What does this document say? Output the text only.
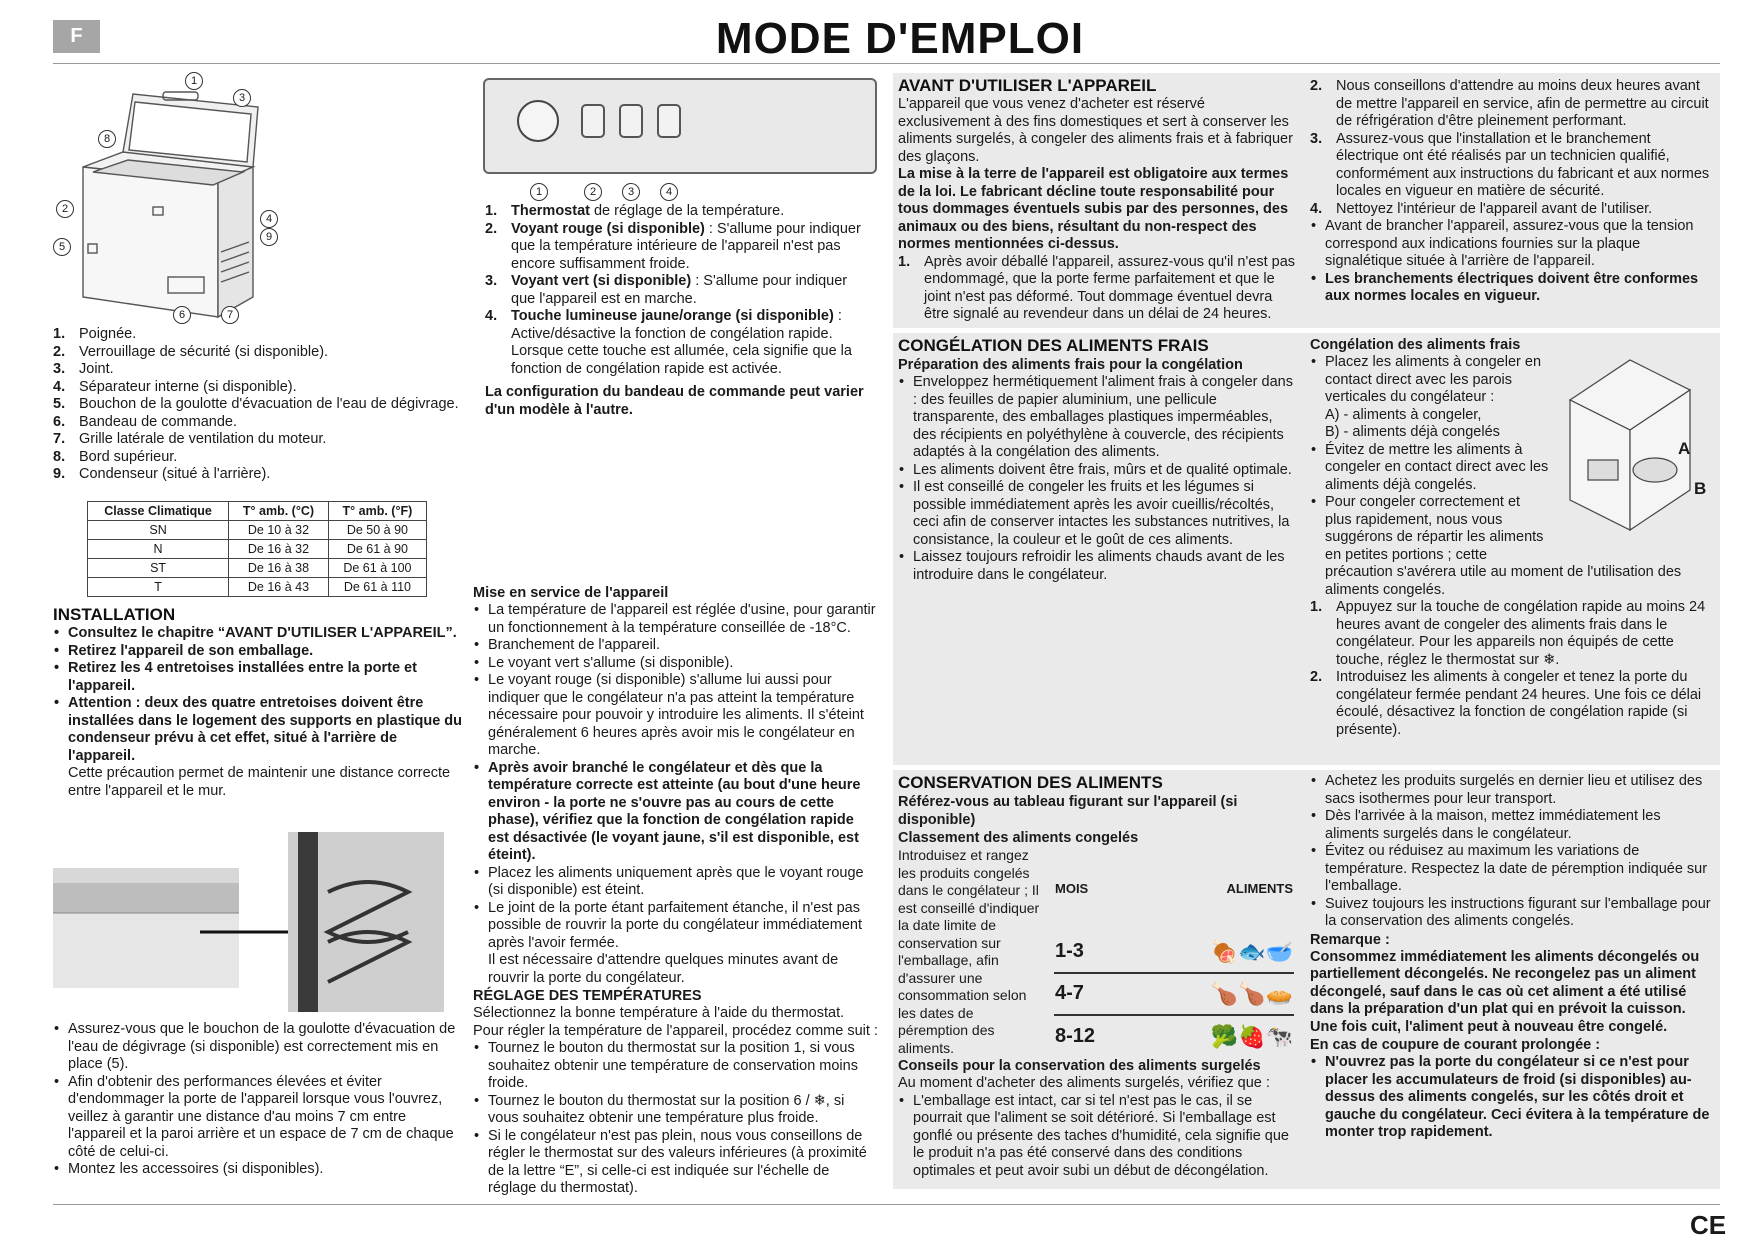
F	MODE D'EMPLOI
1
3
8
2
4
9
5
6	7
1. Poignée.
2. Verrouillage de sécurité (si disponible).
3. Joint.
4. Séparateur interne (si disponible).
5. Bouchon de la goulotte d'évacuation de l'eau de dégivrage.
6. Bandeau de commande.
7. Grille latérale de ventilation du moteur.
8. Bord supérieur.
9. Condenseur (situé à l'arrière).
Classe Climatique	T° amb. (°C)	T° amb. (°F)
SN	De 10 à 32	De 50 à 90
N	De 16 à 32	De 61 à 90
ST	De 16 à 38	De 61 à 100
T	De 16 à 43	De 61 à 110
INSTALLATION
• Consultez le chapitre “AVANT D'UTILISER L'APPAREIL”.
• Retirez l'appareil de son emballage.
• Retirez les 4 entretoises installées entre la porte et l'appareil.
• Attention : deux des quatre entretoises doivent être installées dans le logement des supports en plastique du condenseur prévu à cet effet, situé à l'arrière de l'appareil.

Cette précaution permet de maintenir une distance correcte entre l'appareil et le mur.

• Assurez-vous que le bouchon de la goulotte d'évacuation de l'eau de dégivrage (si disponible) est correctement mis en place (5).
• Afin d'obtenir des performances élevées et éviter d'endommager la porte de l'appareil lorsque vous l'ouvrez, veillez à garantir une distance d'au moins 7 cm entre l'appareil et la paroi arrière et un espace de 7 cm de chaque côté de celui-ci.
• Montez les accessoires (si disponibles).
1	2	3	4
1. Thermostat de réglage de la température.
2. Voyant rouge (si disponible) : S'allume pour indiquer que la température intérieure de l'appareil n'est pas encore suffisamment froide.
3. Voyant vert (si disponible) : S'allume pour indiquer que l'appareil est en marche.
4. Touche lumineuse jaune/orange (si disponible) : Active/désactive la fonction de congélation rapide. Lorsque cette touche est allumée, cela signifie que la fonction de congélation rapide est activée.

La configuration du bandeau de commande peut varier d'un modèle à l'autre.

Mise en service de l'appareil
• La température de l'appareil est réglée d'usine, pour garantir un fonctionnement à la température conseillée de -18°C.
• Branchement de l'appareil.
• Le voyant vert s'allume (si disponible).
• Le voyant rouge (si disponible) s'allume lui aussi pour indiquer que le congélateur n'a pas atteint la température nécessaire pour pouvoir y introduire les aliments. Il s'éteint généralement 6 heures après avoir mis le congélateur en marche.
• Après avoir branché le congélateur et dès que la température correcte est atteinte (au bout d'une heure environ - la porte ne s'ouvre pas au cours de cette phase), vérifiez que la fonction de congélation rapide est désactivée (le voyant jaune, s'il est disponible, est éteint).
• Placez les aliments uniquement après que le voyant rouge (si disponible) est éteint.
• Le joint de la porte étant parfaitement étanche, il n'est pas possible de rouvrir la porte du congélateur immédiatement après l'avoir fermée.

Il est nécessaire d'attendre quelques minutes avant de rouvrir la porte du congélateur.

RÉGLAGE DES TEMPÉRATURES

Sélectionnez la bonne température à l'aide du thermostat.

Pour régler la température de l'appareil, procédez comme suit :

• Tournez le bouton du thermostat sur la position 1, si vous souhaitez obtenir une température de conservation moins froide.
• Tournez le bouton du thermostat sur la position 6 / ❄, si vous souhaitez obtenir une température plus froide.
• Si le congélateur n'est pas plein, nous vous conseillons de régler le thermostat sur des valeurs inférieures (à proximité de la lettre “E”, si celle-ci est indiquée sur l'échelle de réglage du thermostat).
AVANT D'UTILISER L'APPAREIL

L'appareil que vous venez d'acheter est réservé exclusivement à des fins domestiques et sert à conserver les aliments surgelés, à congeler des aliments frais et à fabriquer des glaçons.

La mise à la terre de l'appareil est obligatoire aux termes de la loi. Le fabricant décline toute responsabilité pour tous dommages éventuels subis par des personnes, des animaux ou des biens, résultant du non-respect des normes mentionnées ci-dessus.

1. Après avoir déballé l'appareil, assurez-vous qu'il n'est pas endommagé, que la porte ferme parfaitement et que le joint n'est pas déformé. Tout dommage éventuel devra être signalé au revendeur dans un délai de 24 heures.
2. Nous conseillons d'attendre au moins deux heures avant de mettre l'appareil en service, afin de permettre au circuit de réfrigération d'être pleinement performant.
3. Assurez-vous que l'installation et le branchement électrique ont été réalisés par un technicien qualifié, conformément aux instructions du fabricant et aux normes locales en vigueur en matière de sécurité.
4. Nettoyez l'intérieur de l'appareil avant de l'utiliser.
• Avant de brancher l'appareil, assurez-vous que la tension correspond aux indications fournies sur la plaque signalétique située à l'arrière de l'appareil.
• Les branchements électriques doivent être conformes aux normes locales en vigueur.
CONGÉLATION DES ALIMENTS FRAIS
Préparation des aliments frais pour la congélation
• Enveloppez hermétiquement l'aliment frais à congeler dans : des feuilles de papier aluminium, une pellicule transparente, des emballages plastiques imperméables, des récipients en polyéthylène à couvercle, des récipients adaptés à la congélation des aliments.
• Les aliments doivent être frais, mûrs et de qualité optimale.
• Il est conseillé de congeler les fruits et les légumes si possible immédiatement après les avoir cueillis/récoltés, ceci afin de conserver intactes les substances nutritives, la consistance, la couleur et le goût de ces aliments.
• Laissez toujours refroidir les aliments chauds avant de les introduire dans le congélateur.
Congélation des aliments frais
• Placez les aliments à congeler en contact direct avec les parois verticales du congélateur :
A) - aliments à congeler,
B) - aliments déjà congelés
• Évitez de mettre les aliments à congeler en contact direct avec les aliments déjà congelés.
• Pour congeler correctement et plus rapidement, nous vous suggérons de répartir les aliments en petites portions ; cette

précaution s'avérera utile au moment de l'utilisation des aliments congelés.

1. Appuyez sur la touche de congélation rapide au moins 24 heures avant de congeler des aliments frais dans le congélateur. Pour les appareils non équipés de cette touche, réglez le thermostat sur ❄.
2. Introduisez les aliments à congeler et tenez la porte du congélateur fermée pendant 24 heures. Une fois ce délai écoulé, désactivez la fonction de congélation rapide (si présente).
A
B
CONSERVATION DES ALIMENTS
Référez-vous au tableau figurant sur l'appareil (si disponible)
Classement des aliments congelés

Introduisez et rangez les produits congelés dans le congélateur ; Il est conseillé d'indiquer la date limite de conservation sur l'emballage, afin d'assurer une consommation selon les dates de péremption des aliments.

MOIS	ALIMENTS
1-3	🍖🐟🥣
4-7	🍗🍗🥧
8-12	🥦🍓🐄
Conseils pour la conservation des aliments surgelés

Au moment d'acheter des aliments surgelés, vérifiez que :

• L'emballage est intact, car si tel n'est pas le cas, il se pourrait que l'aliment se soit détérioré. Si l'emballage est gonflé ou présente des taches d'humidité, cela signifie que le produit n'a pas été conservé dans des conditions optimales et peut avoir subi un début de décongélation.
• Achetez les produits surgelés en dernier lieu et utilisez des sacs isothermes pour leur transport.
• Dès l'arrivée à la maison, mettez immédiatement les aliments surgelés dans le congélateur.
• Évitez ou réduisez au maximum les variations de température. Respectez la date de péremption indiquée sur l'emballage.
• Suivez toujours les instructions figurant sur l'emballage pour la conservation des aliments congelés.
Remarque :

Consommez immédiatement les aliments décongelés ou partiellement décongelés. Ne recongelez pas un aliment décongelé, sauf dans le cas où cet aliment a été utilisé dans la préparation d'un plat qui en prévoit la cuisson. Une fois cuit, l'aliment peut à nouveau être congelé.

En cas de coupure de courant prolongée :
• N'ouvrez pas la porte du congélateur si ce n'est pour placer les accumulateurs de froid (si disponibles) au-dessus des aliments congelés, sur les côtés droit et gauche du congélateur. Ceci évitera à la température de monter trop rapidement.
CE
